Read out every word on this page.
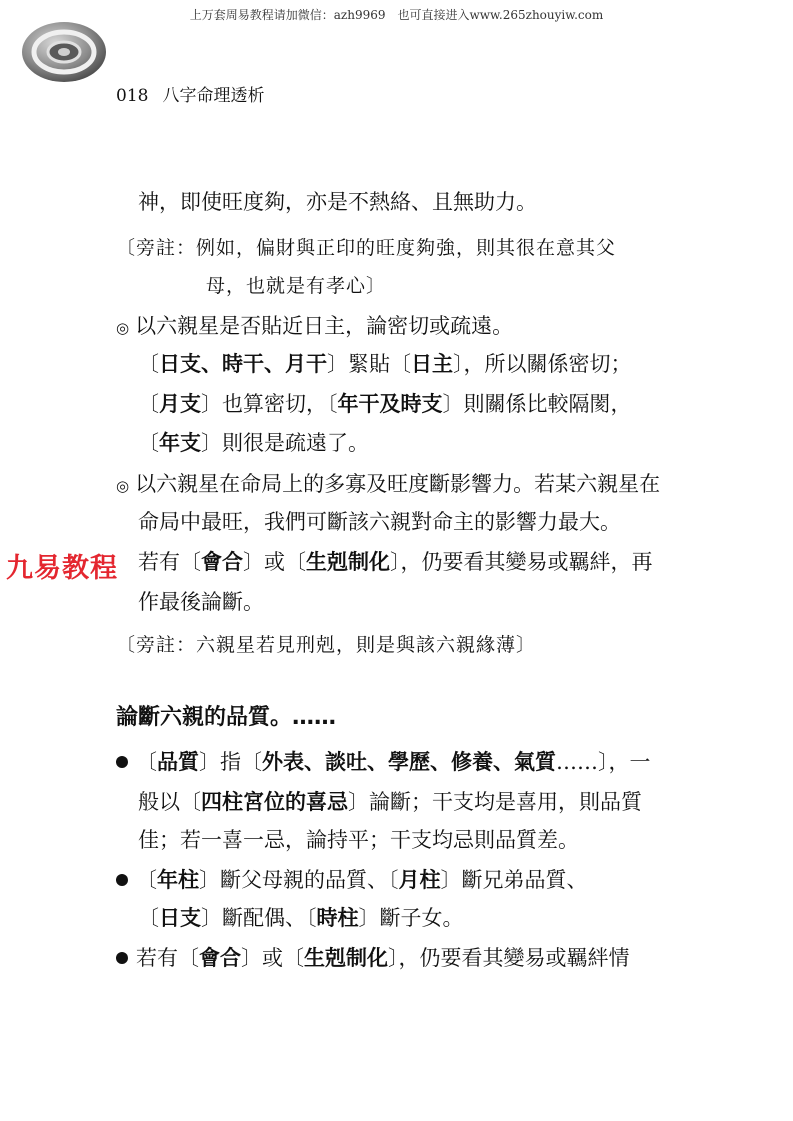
上万套周易教程请加微信：azh9969　也可直接进入www.265zhouyiw.com
018 八字命理透析
神，即使旺度夠，亦是不熱絡、且無助力。
〔旁註：例如，偏財與正印的旺度夠強，則其很在意其父
母，也就是有孝心〕
◎ 以六親星是否貼近日主，論密切或疏遠。
〔日支、時干、月干〕緊貼〔日主〕，所以關係密切；
〔月支〕也算密切，〔年干及時支〕則關係比較隔閡，
〔年支〕則很是疏遠了。
◎ 以六親星在命局上的多寡及旺度斷影響力。若某六親星在
命局中最旺，我們可斷該六親對命主的影響力最大。
九易教程 若有〔會合〕或〔生剋制化〕，仍要看其變易或羈絆，再
作最後論斷。
〔旁註：六親星若見刑剋，則是與該六親緣薄〕
論斷六親的品質。……
〔品質〕指〔外表、談吐、學歷、修養、氣質……〕，一
般以〔四柱宮位的喜忌〕論斷；干支均是喜用，則品質
佳；若一喜一忌，論持平；干支均忌則品質差。
〔年柱〕斷父母親的品質、〔月柱〕斷兄弟品質、
〔日支〕斷配偶、〔時柱〕斷子女。
若有〔會合〕或〔生剋制化〕，仍要看其變易或羈絆情
